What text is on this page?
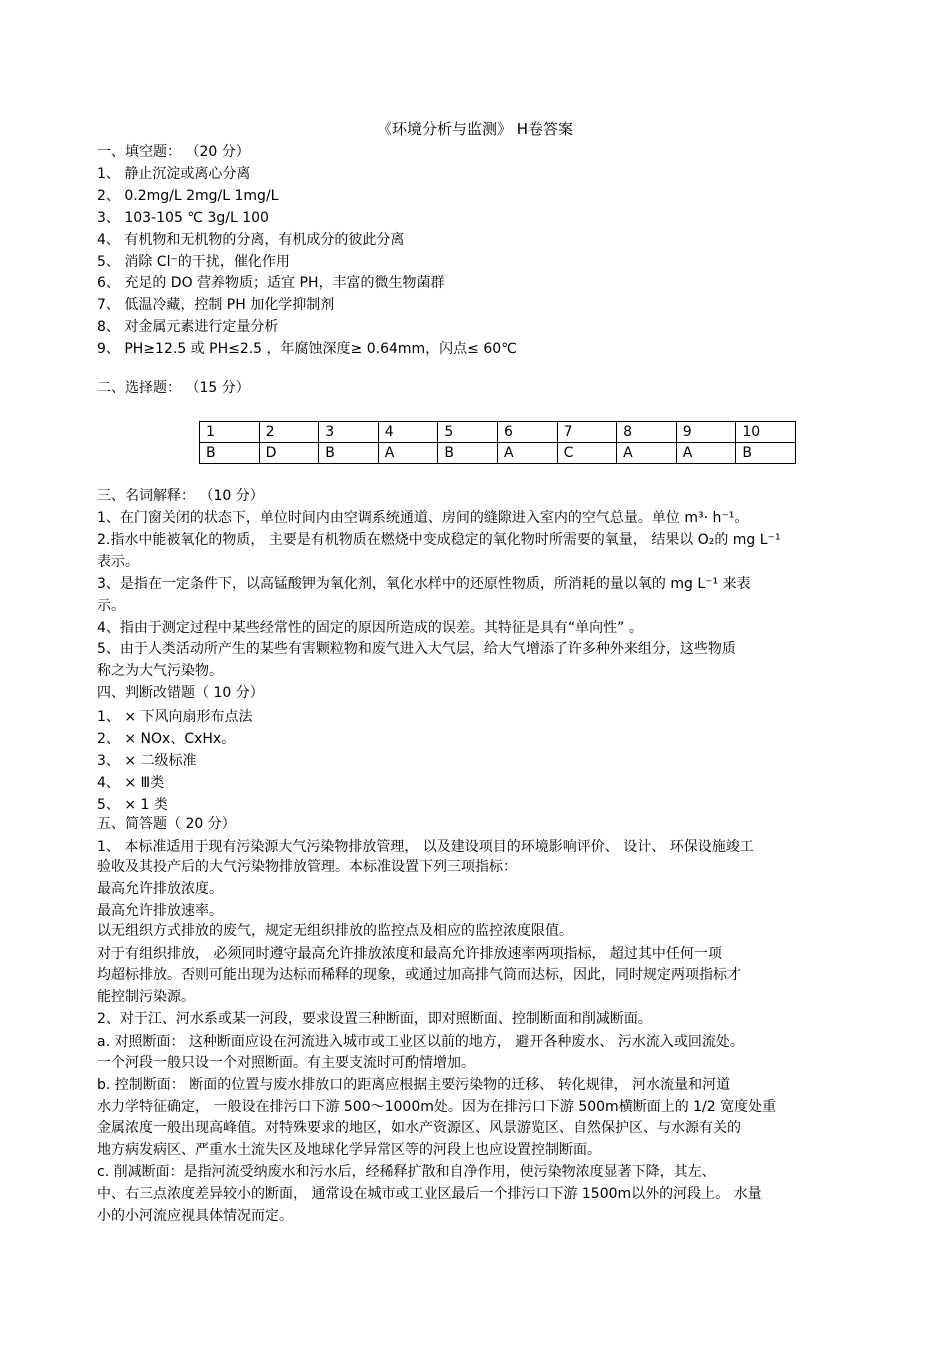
《环境分析与监测》 H卷答案
一、填空题： （20 分）
1、 静止沉淀或离心分离
2、 0.2mg/L 2mg/L 1mg/L
3、 103-105 ℃ 3g/L 100
4、 有机物和无机物的分离，有机成分的彼此分离
5、 消除 Cl⁻的干扰，催化作用
6、 充足的 DO 营养物质；适宜 PH，丰富的微生物菌群
7、 低温冷藏，控制 PH 加化学抑制剂
8、 对金属元素进行定量分析
9、 PH≥12.5 或 PH≤2.5 ，年腐蚀深度≥ 0.64mm，闪点≤ 60℃
二、选择题： （15 分）
1	2	3	4	5	6	7	8	9	10
B	D	B	A	B	A	C	A	A	B
三、名词解释： （10 分）
1、在门窗关闭的状态下，单位时间内由空调系统通道、房间的缝隙进入室内的空气总量。单位 m³· h⁻¹。
2.指水中能被氧化的物质， 主要是有机物质在燃烧中变成稳定的氧化物时所需要的氧量， 结果以 O₂的 mg L⁻¹
表示。
3、是指在一定条件下，以高锰酸钾为氧化剂，氧化水样中的还原性物质，所消耗的量以氧的 mg L⁻¹ 来表
示。
4、指由于测定过程中某些经常性的固定的原因所造成的误差。其特征是具有“单向性” 。
5、由于人类活动所产生的某些有害颗粒物和废气进入大气层，给大气增添了许多种外来组分，这些物质
称之为大气污染物。
四、判断改错题（ 10 分）
1、 × 下风向扇形布点法
2、 × NOx、CxHx。
3、 × 二级标准
4、 × Ⅲ类
5、 × 1 类
五、简答题（ 20 分）
1、 本标准适用于现有污染源大气污染物排放管理， 以及建设项目的环境影响评价、 设计、 环保设施竣工
验收及其投产后的大气污染物排放管理。本标准设置下列三项指标：
最高允许排放浓度。
最高允许排放速率。
以无组织方式排放的废气，规定无组织排放的监控点及相应的监控浓度限值。
对于有组织排放， 必须同时遵守最高允许排放浓度和最高允许排放速率两项指标， 超过其中任何一项
均超标排放。否则可能出现为达标而稀释的现象，或通过加高排气筒而达标，因此，同时规定两项指标才
能控制污染源。
2、对于江、河水系或某一河段，要求设置三种断面，即对照断面、控制断面和削减断面。
a. 对照断面： 这种断面应设在河流进入城市或工业区以前的地方， 避开各种废水、 污水流入或回流处。
一个河段一般只设一个对照断面。有主要支流时可酌情增加。
b. 控制断面： 断面的位置与废水排放口的距离应根据主要污染物的迁移、 转化规律， 河水流量和河道
水力学特征确定， 一般设在排污口下游 500～1000m处。因为在排污口下游 500m横断面上的 1/2 宽度处重
金属浓度一般出现高峰值。对特殊要求的地区，如水产资源区、风景游览区、自然保护区、与水源有关的
地方病发病区、严重水土流失区及地球化学异常区等的河段上也应设置控制断面。
c. 削减断面：是指河流受纳废水和污水后，经稀释扩散和自净作用，使污染物浓度显著下降，其左、
中、右三点浓度差异较小的断面， 通常设在城市或工业区最后一个排污口下游 1500m以外的河段上。 水量
小的小河流应视具体情况而定。
